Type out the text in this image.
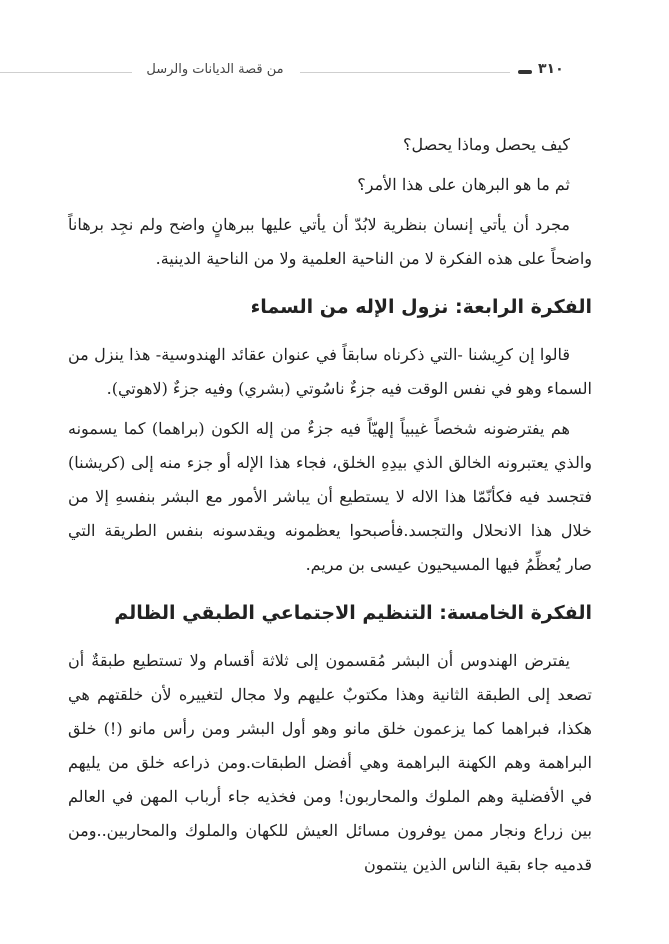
من قصة الديانات والرسل	٣١٠

كيف يحصل وماذا يحصل؟

ثم ما هو البرهان على هذا الأمر؟

مجرد أن يأتي إنسان بنظرية لابُدّ أن يأتي عليها ببرهانٍ واضح ولم نجِد برهاناً واضحاً على هذه الفكرة لا من الناحية العلمية ولا من الناحية الدينية.

الفكرة الرابعة: نزول الإله من السماء

قالوا إن كرِيشنا -التي ذكرناه سابقاً في عنوان عقائد الهندوسية- هذا ينزل من السماء وهو في نفس الوقت فيه جزءٌ ناسُوتي (بشري) وفيه جزءٌ (لاهوتي).

هم يفترضونه شخصاً غيبياً إلهيّاً فيه جزءٌ من إله الكون (براهما) كما يسمونه والذي يعتبرونه الخالق الذي بيدِهِ الخلق، فجاء هذا الإله أو جزء منه إلى (كريشنا) فتجسد فيه فكأنّمّا هذا الاله لا يستطيع أن يباشر الأمور مع البشر بنفسهِ إلا من خلال هذا الانحلال والتجسد.فأصبحوا يعظمونه ويقدسونه بنفس الطريقة التي صار يُعظِّمُ فيها المسيحيون عيسى بن مريم.

الفكرة الخامسة: التنظيم الاجتماعي الطبقي الظالم

يفترض الهندوس أن البشر مُقسمون إلى ثلاثة أقسام ولا تستطيع طبقةٌ أن تصعد إلى الطبقة الثانية وهذا مكتوبٌ عليهم ولا مجال لتغييره لأن خلقتهم هي هكذا، فبراهما كما يزعمون خلق مانو وهو أول البشر ومن رأس مانو (!) خلق البراهمة وهم الكهنة البراهمة وهي أفضل الطبقات.ومن ذراعه خلق من يليهم في الأفضلية وهم الملوك والمحاربون! ومن فخذيه جاء أرباب المهن في العالم بين زراع ونجار ممن يوفرون مسائل العيش للكهان والملوك والمحاربين..ومن قدميه جاء بقية الناس الذين ينتمون
